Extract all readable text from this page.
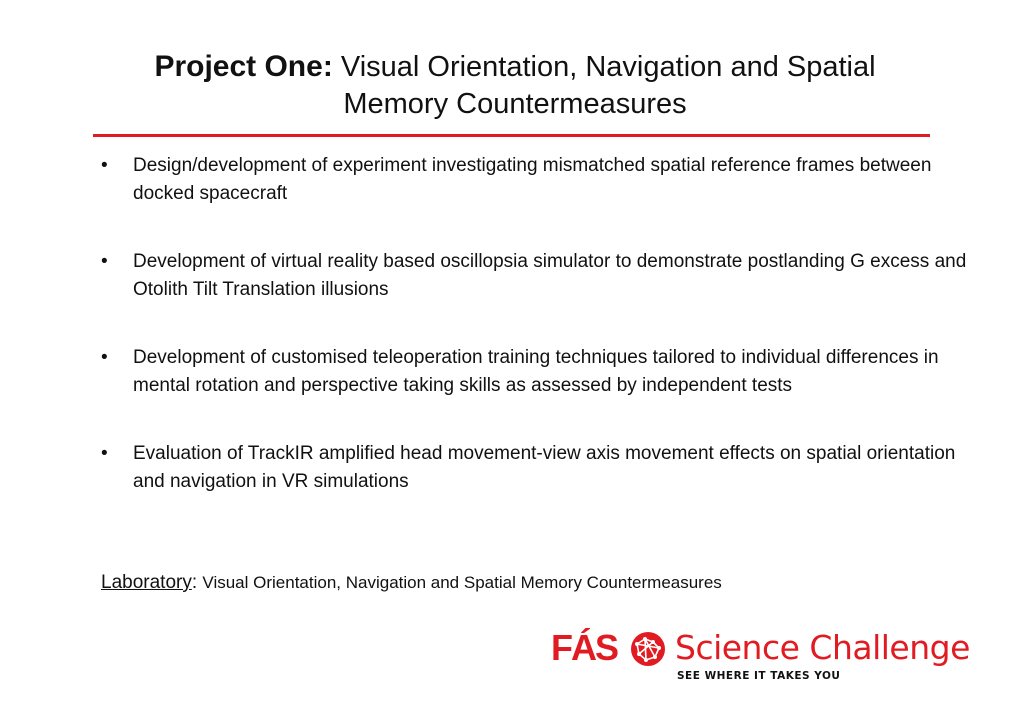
Project One: Visual Orientation, Navigation and Spatial
Memory Countermeasures
•	Design/development of experiment investigating mismatched spatial reference frames between docked spacecraft
•	Development of virtual reality based oscillopsia simulator to demonstrate postlanding G excess and Otolith Tilt Translation illusions
•	Development of customised teleoperation training techniques tailored to individual differences in mental rotation and perspective taking skills as assessed by independent tests
•	Evaluation of TrackIR amplified head movement-view axis movement effects on spatial orientation and navigation in VR simulations
Laboratory: Visual Orientation, Navigation and Spatial Memory Countermeasures
FÁS Science Challenge
SEE WHERE IT TAKES YOU
